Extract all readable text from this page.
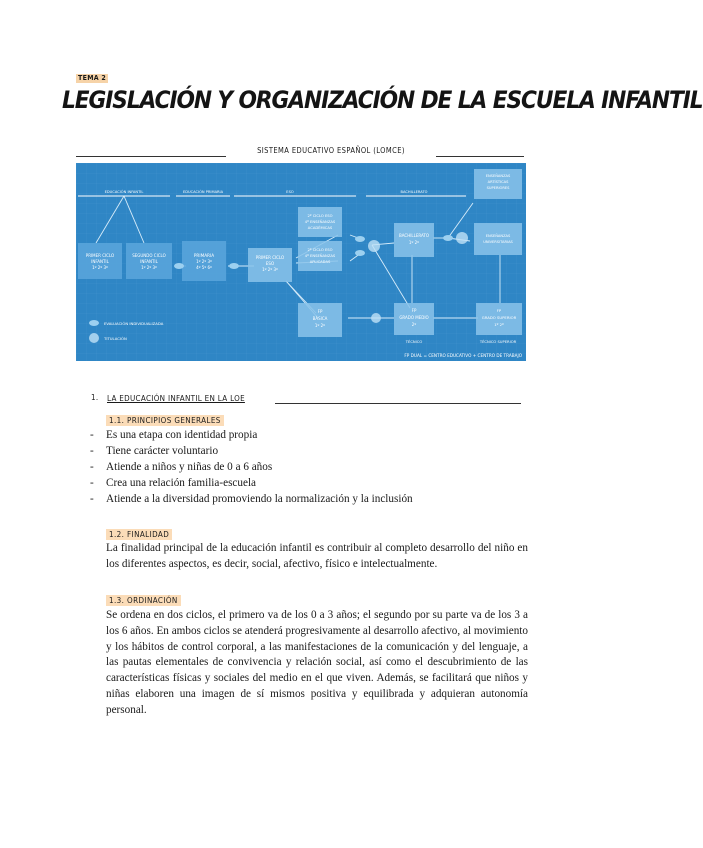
TEMA 2
LEGISLACIÓN Y ORGANIZACIÓN DE LA ESCUELA INFANTIL
SISTEMA EDUCATIVO ESPAÑOL (LOMCE)
EDUCACIÓN INFANTIL	EDUCACIÓN PRIMARIA	ESO	BACHILLERATO
PRIMER CICLO
INFANTIL
1º 2º 3º
SEGUNDO CICLO
INFANTIL
1º 2º 3º
PRIMARIA
1º 2º 3º
4º 5º 6º
PRIMER CICLO
ESO
1º 2º 3º
2º CICLO ESO
4º ENSEÑANZAS
ACADÉMICAS
2º CICLO ESO
4º ENSEÑANZAS
APLICADAS
FP
BÁSICA
1º 2º
BACHILLERATO
1º 2º
FP
GRADO MEDIO
2º
TÉCNICO
ENSEÑANZAS
ARTÍSTICAS
SUPERIORES
ENSEÑANZAS
UNIVERSITARIAS
FP
GRADO SUPERIOR
1º 2º
TÉCNICO SUPERIOR
EVALUACIÓN INDIVIDUALIZADA
TITULACIÓN
FP DUAL = CENTRO EDUCATIVO + CENTRO DE TRABAJO
1. LA EDUCACIÓN INFANTIL EN LA LOE
1.1. PRINCIPIOS GENERALES
- Es una etapa con identidad propia
- Tiene carácter voluntario
- Atiende a niños y niñas de 0 a 6 años
- Crea una relación familia-escuela
- Atiende a la diversidad promoviendo la normalización y la inclusión
1.2. FINALIDAD
La finalidad principal de la educación infantil es contribuir al completo desarrollo del niño en los diferentes aspectos, es decir, social, afectivo, físico e intelectualmente.
1.3. ORDINACIÓN
Se ordena en dos ciclos, el primero va de los 0 a 3 años; el segundo por su parte va de los 3 a los 6 años. En ambos ciclos se atenderá progresivamente al desarrollo afectivo, al movimiento y los hábitos de control corporal, a las manifestaciones de la comunicación y del lenguaje, a las pautas elementales de convivencia y relación social, así como el descubrimiento de las características físicas y sociales del medio en el que viven. Además, se facilitará que niños y niñas elaboren una imagen de sí mismos positiva y equilibrada y adquieran autonomía personal.
